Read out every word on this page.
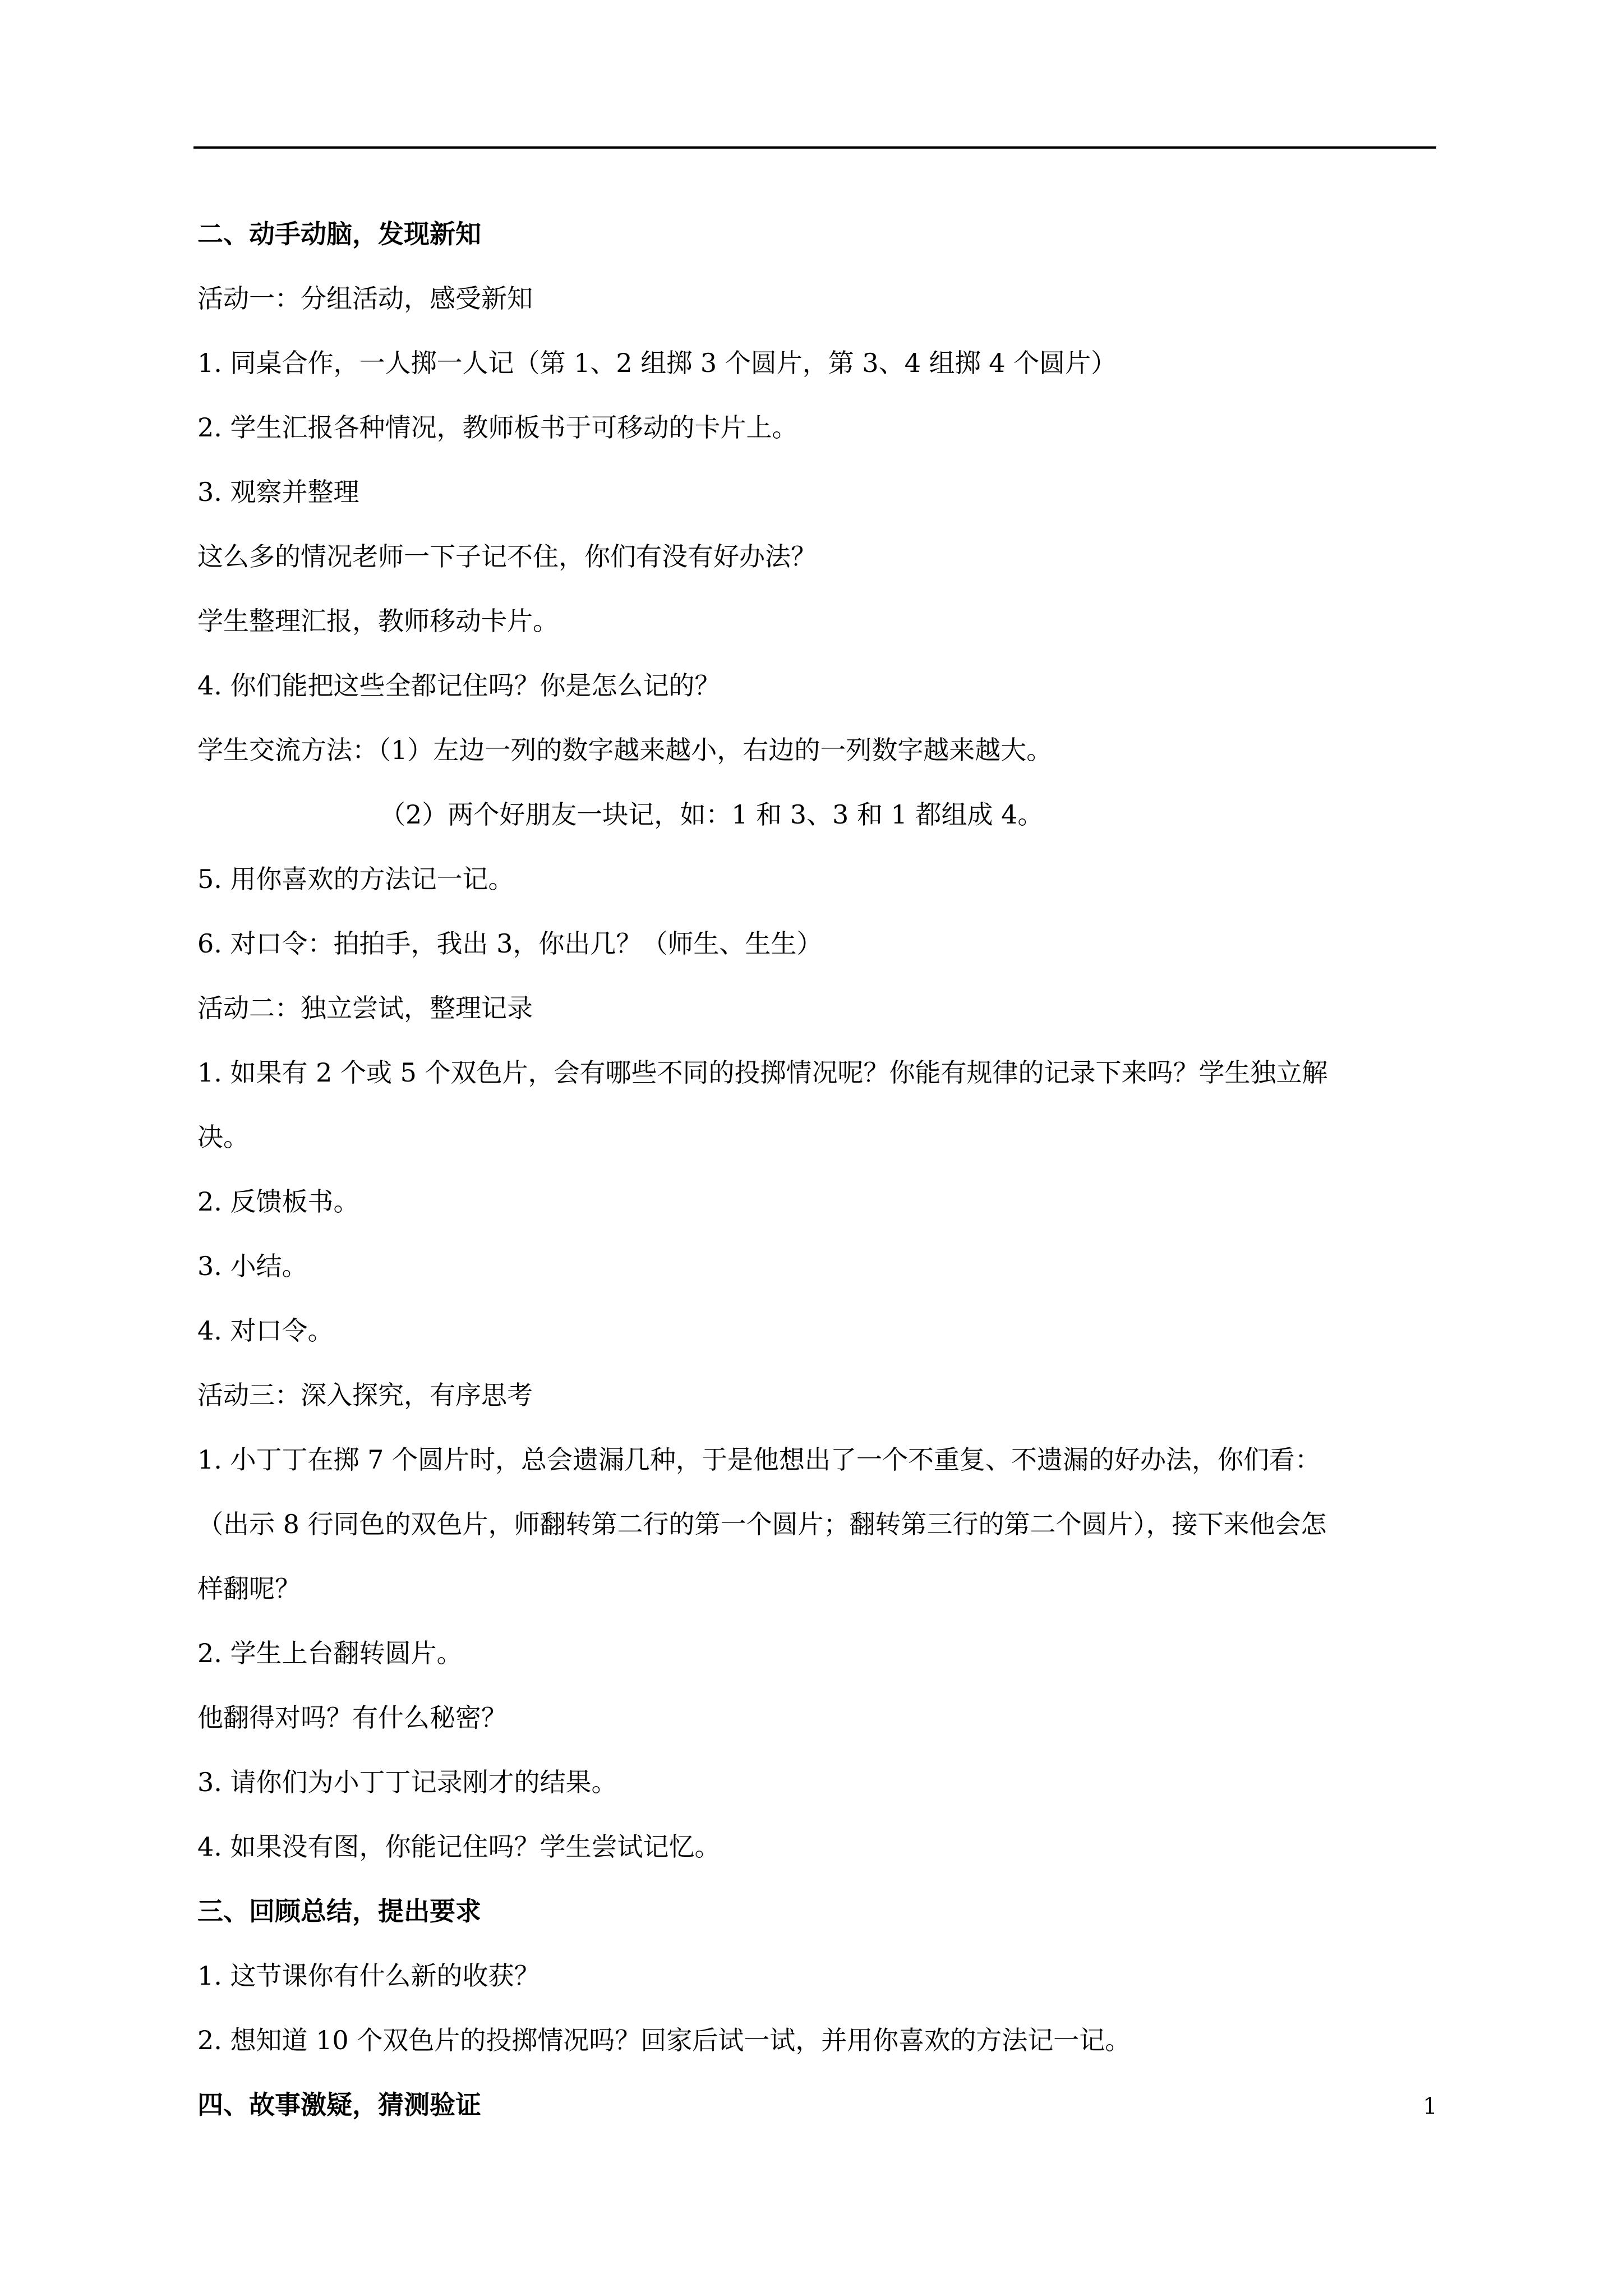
二、动手动脑，发现新知

活动一：分组活动，感受新知

1. 同桌合作，一人掷一人记（第 1、2 组掷 3 个圆片，第 3、4 组掷 4 个圆片）

2. 学生汇报各种情况，教师板书于可移动的卡片上。

3. 观察并整理

这么多的情况老师一下子记不住，你们有没有好办法？

学生整理汇报，教师移动卡片。

4. 你们能把这些全都记住吗？你是怎么记的？

学生交流方法：（1）左边一列的数字越来越小，右边的一列数字越来越大。

（2）两个好朋友一块记，如：1 和 3、3 和 1 都组成 4。

5. 用你喜欢的方法记一记。

6. 对口令：拍拍手，我出 3，你出几？（师生、生生）

活动二：独立尝试，整理记录

1. 如果有 2 个或 5 个双色片，会有哪些不同的投掷情况呢？你能有规律的记录下来吗？学生独立解

决。

2. 反馈板书。

3. 小结。

4. 对口令。

活动三：深入探究，有序思考

1. 小丁丁在掷 7 个圆片时，总会遗漏几种，于是他想出了一个不重复、不遗漏的好办法，你们看：

（出示 8 行同色的双色片，师翻转第二行的第一个圆片；翻转第三行的第二个圆片），接下来他会怎

样翻呢？

2. 学生上台翻转圆片。

他翻得对吗？有什么秘密？

3. 请你们为小丁丁记录刚才的结果。

4. 如果没有图，你能记住吗？学生尝试记忆。

三、回顾总结，提出要求

1. 这节课你有什么新的收获？

2. 想知道 10 个双色片的投掷情况吗？回家后试一试，并用你喜欢的方法记一记。

四、故事激疑，猜测验证	1
